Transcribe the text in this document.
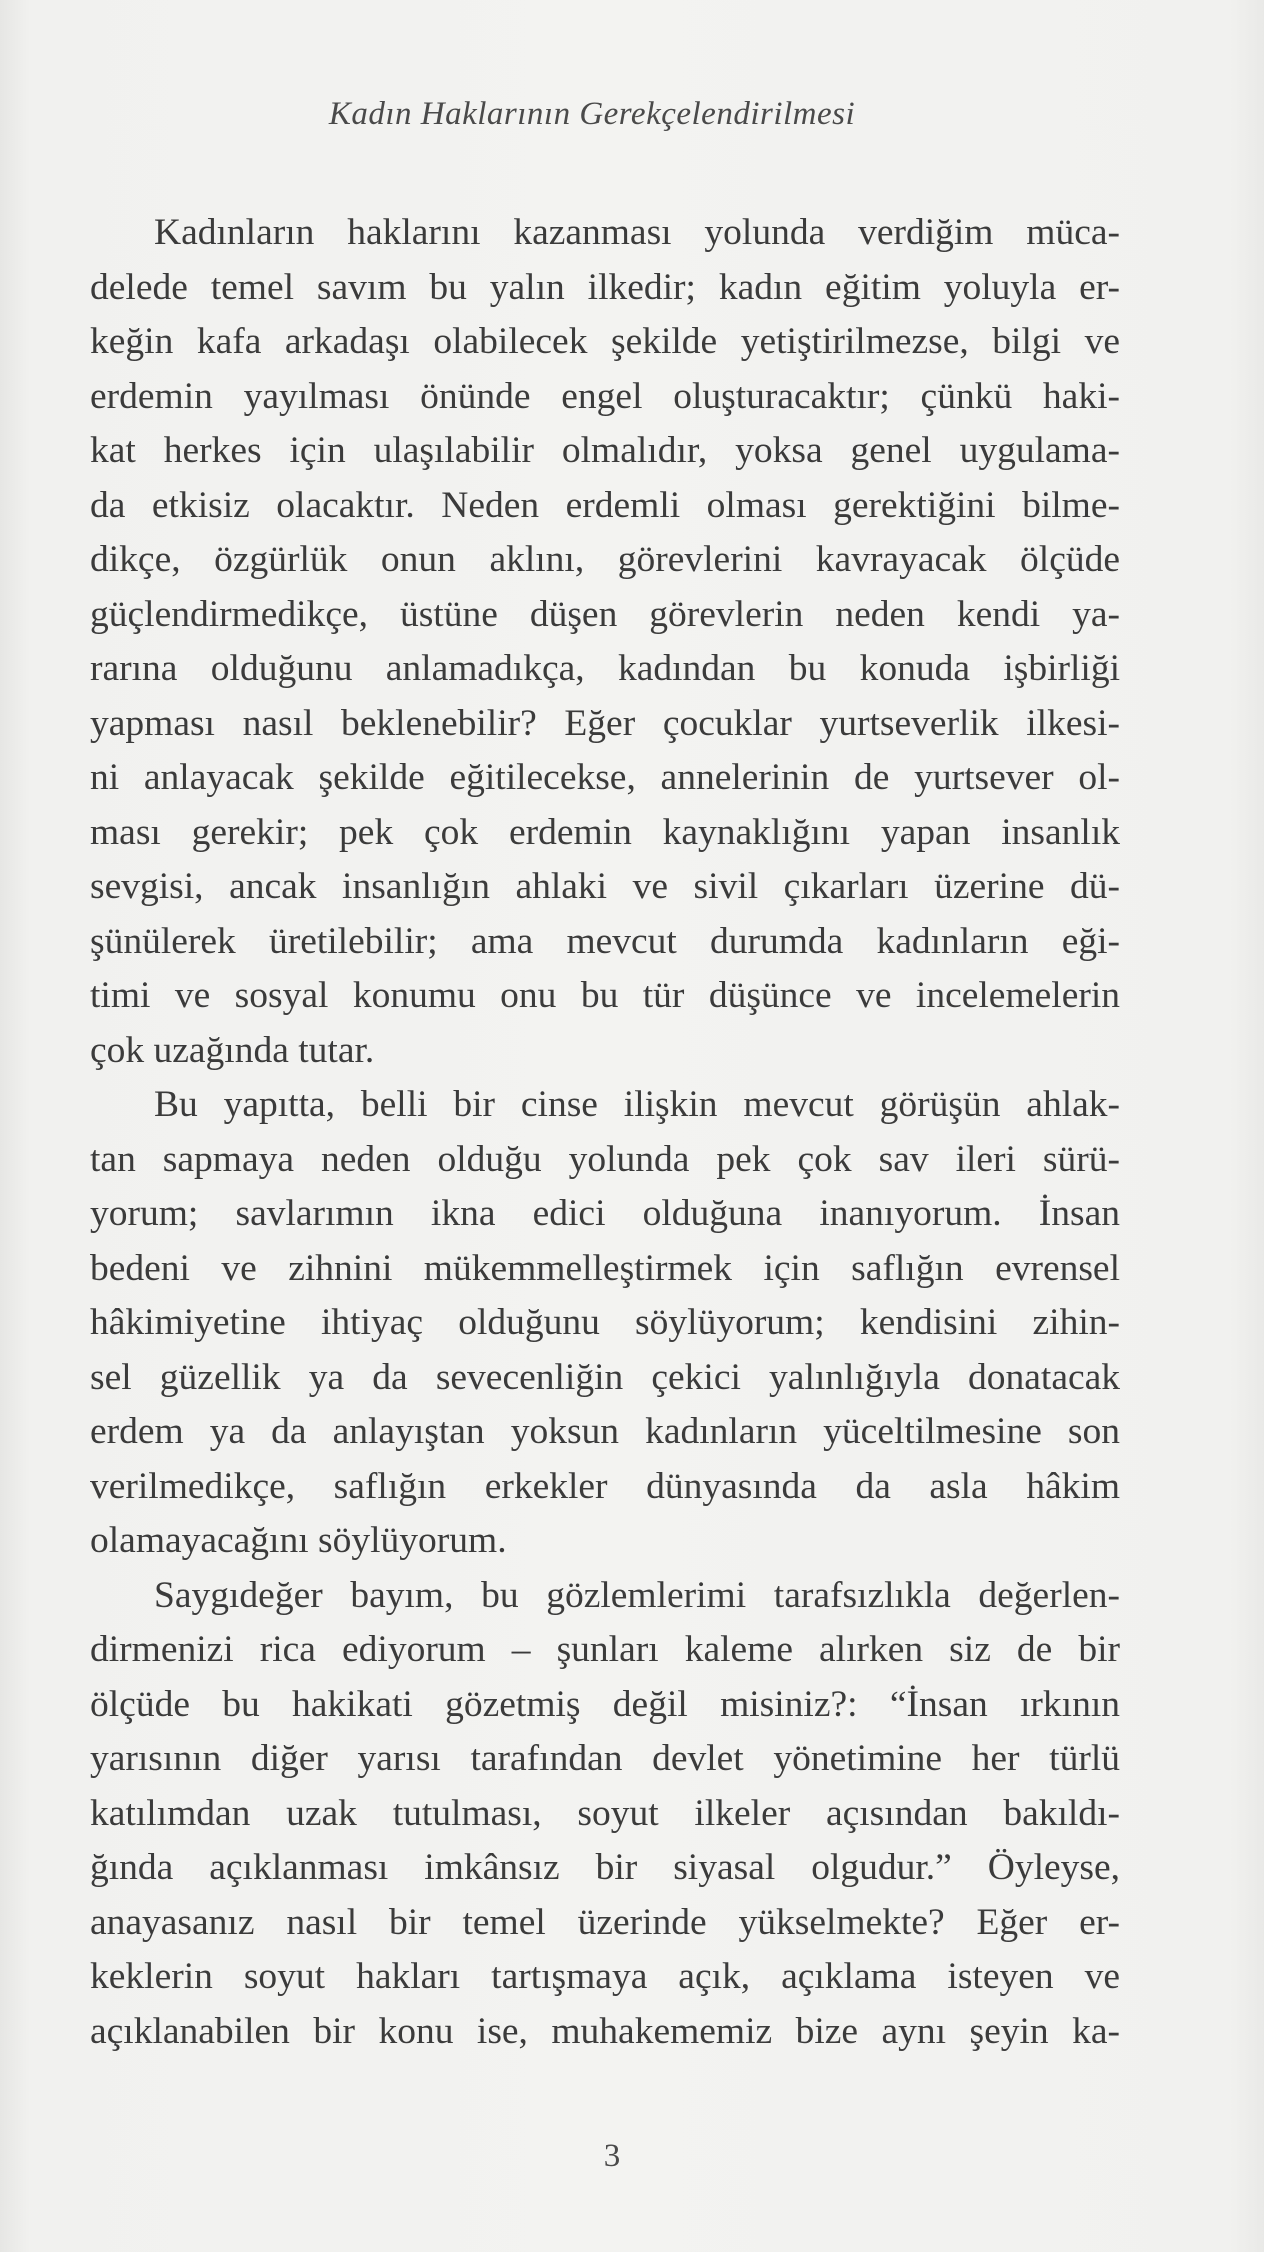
Kadın Haklarının Gerekçelendirilmesi
Kadınların haklarını kazanması yolunda verdiğim müca-
delede temel savım bu yalın ilkedir; kadın eğitim yoluyla er-
keğin kafa arkadaşı olabilecek şekilde yetiştirilmezse, bilgi ve
erdemin yayılması önünde engel oluşturacaktır; çünkü haki-
kat herkes için ulaşılabilir olmalıdır, yoksa genel uygulama-
da etkisiz olacaktır. Neden erdemli olması gerektiğini bilme-
dikçe, özgürlük onun aklını, görevlerini kavrayacak ölçüde
güçlendirmedikçe, üstüne düşen görevlerin neden kendi ya-
rarına olduğunu anlamadıkça, kadından bu konuda işbirliği
yapması nasıl beklenebilir? Eğer çocuklar yurtseverlik ilkesi-
ni anlayacak şekilde eğitilecekse, annelerinin de yurtsever ol-
ması gerekir; pek çok erdemin kaynaklığını yapan insanlık
sevgisi, ancak insanlığın ahlaki ve sivil çıkarları üzerine dü-
şünülerek üretilebilir; ama mevcut durumda kadınların eği-
timi ve sosyal konumu onu bu tür düşünce ve incelemelerin
çok uzağında tutar.
Bu yapıtta, belli bir cinse ilişkin mevcut görüşün ahlak-
tan sapmaya neden olduğu yolunda pek çok sav ileri sürü-
yorum; savlarımın ikna edici olduğuna inanıyorum. İnsan
bedeni ve zihnini mükemmelleştirmek için saflığın evrensel
hâkimiyetine ihtiyaç olduğunu söylüyorum; kendisini zihin-
sel güzellik ya da sevecenliğin çekici yalınlığıyla donatacak
erdem ya da anlayıştan yoksun kadınların yüceltilmesine son
verilmedikçe, saflığın erkekler dünyasında da asla hâkim
olamayacağını söylüyorum.
Saygıdeğer bayım, bu gözlemlerimi tarafsızlıkla değerlen-
dirmenizi rica ediyorum – şunları kaleme alırken siz de bir
ölçüde bu hakikati gözetmiş değil misiniz?: “İnsan ırkının
yarısının diğer yarısı tarafından devlet yönetimine her türlü
katılımdan uzak tutulması, soyut ilkeler açısından bakıldı-
ğında açıklanması imkânsız bir siyasal olgudur.” Öyleyse,
anayasanız nasıl bir temel üzerinde yükselmekte? Eğer er-
keklerin soyut hakları tartışmaya açık, açıklama isteyen ve
açıklanabilen bir konu ise, muhakememiz bize aynı şeyin ka-
3
